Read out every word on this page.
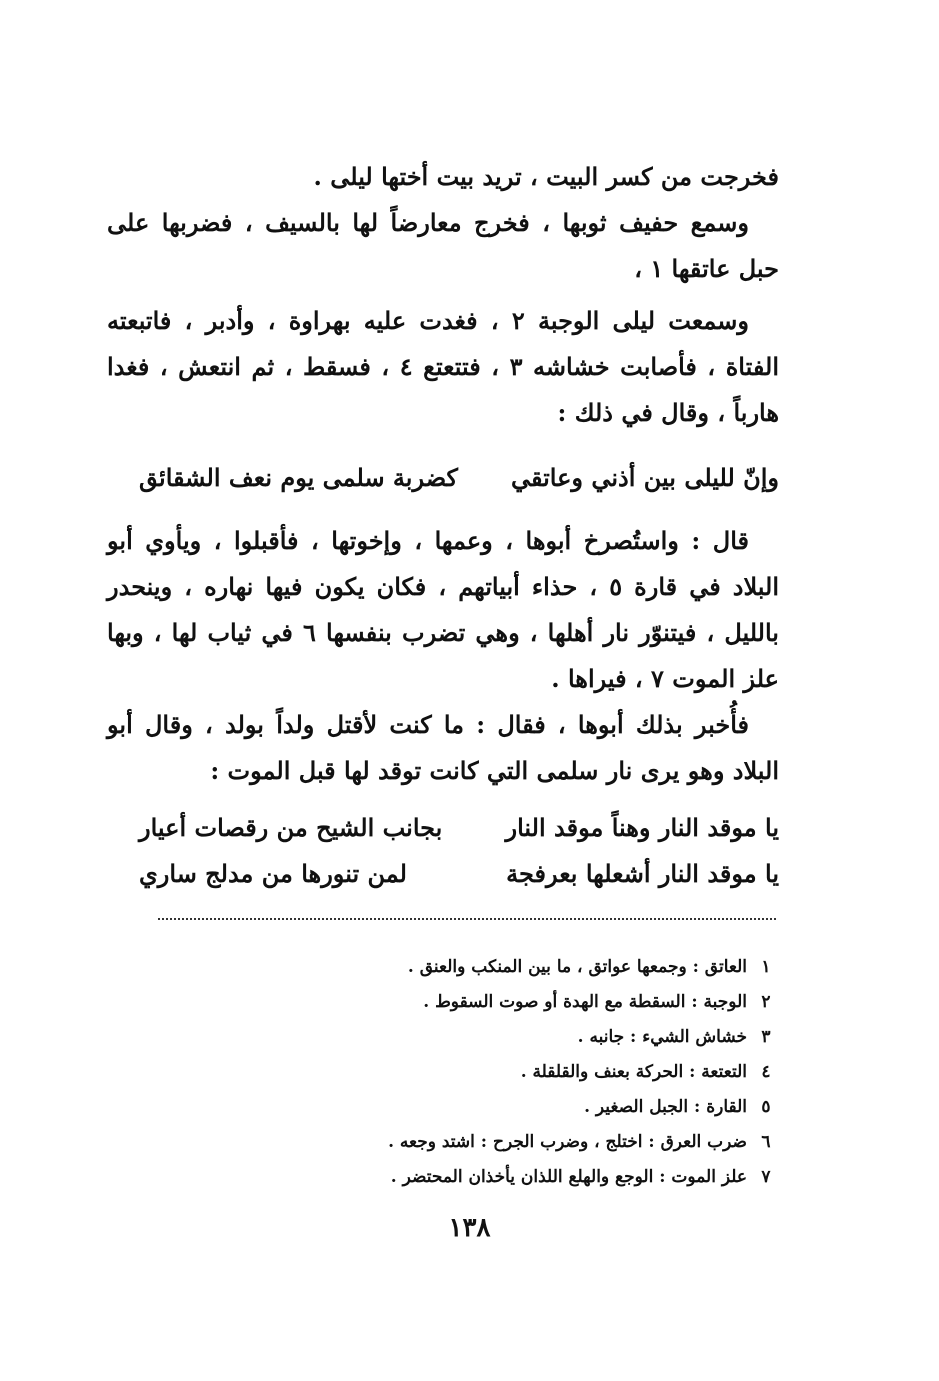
فخرجت من كسر البيت ، تريد بيت أختها ليلى .
وسمع حفيف ثوبها ، فخرج معارضاً لها بالسيف ، فضربها على حبل عاتقها ١ ،
وسمعت ليلى الوجبة ٢ ، فغدت عليه بهراوة ، وأدبر ، فاتبعته الفتاة ، فأصابت خشاشه ٣ ، فتتعتع ٤ ، فسقط ، ثم انتعش ، فغدا هارباً ، وقال في ذلك :
وإنّ لليلى بين أذني وعاتقي
كضربة سلمى يوم نعف الشقائق
قال : واستُصرخ أبوها ، وعمها ، وإخوتها ، فأقبلوا ، ويأوي أبو البلاد في قارة ٥ ، حذاء أبياتهم ، فكان يكون فيها نهاره ، وينحدر بالليل ، فيتنوّر نار أهلها ، وهي تضرب بنفسها ٦ في ثياب لها ، وبها علز الموت ٧ ، فيراها .
فأُخبر بذلك أبوها ، فقال : ما كنت لأقتل ولداً بولد ، وقال أبو البلاد وهو يرى نار سلمى التي كانت توقد لها قبل الموت :
يا موقد النار وهناً موقد النار
بجانب الشيح من رقصات أعيار
يا موقد النار أشعلها بعرفجة
لمن تنورها من مدلج ساري
١
العاتق : وجمعها عواتق ، ما بين المنكب والعنق .
٢
الوجبة : السقطة مع الهدة أو صوت السقوط .
٣
خشاش الشيء : جانبه .
٤
التعتعة : الحركة بعنف والقلقلة .
٥
القارة : الجبل الصغير .
٦
ضرب العرق : اختلج ، وضرب الجرح : اشتد وجعه .
٧
علز الموت : الوجع والهلع اللذان يأخذان المحتضر .
١٣٨
